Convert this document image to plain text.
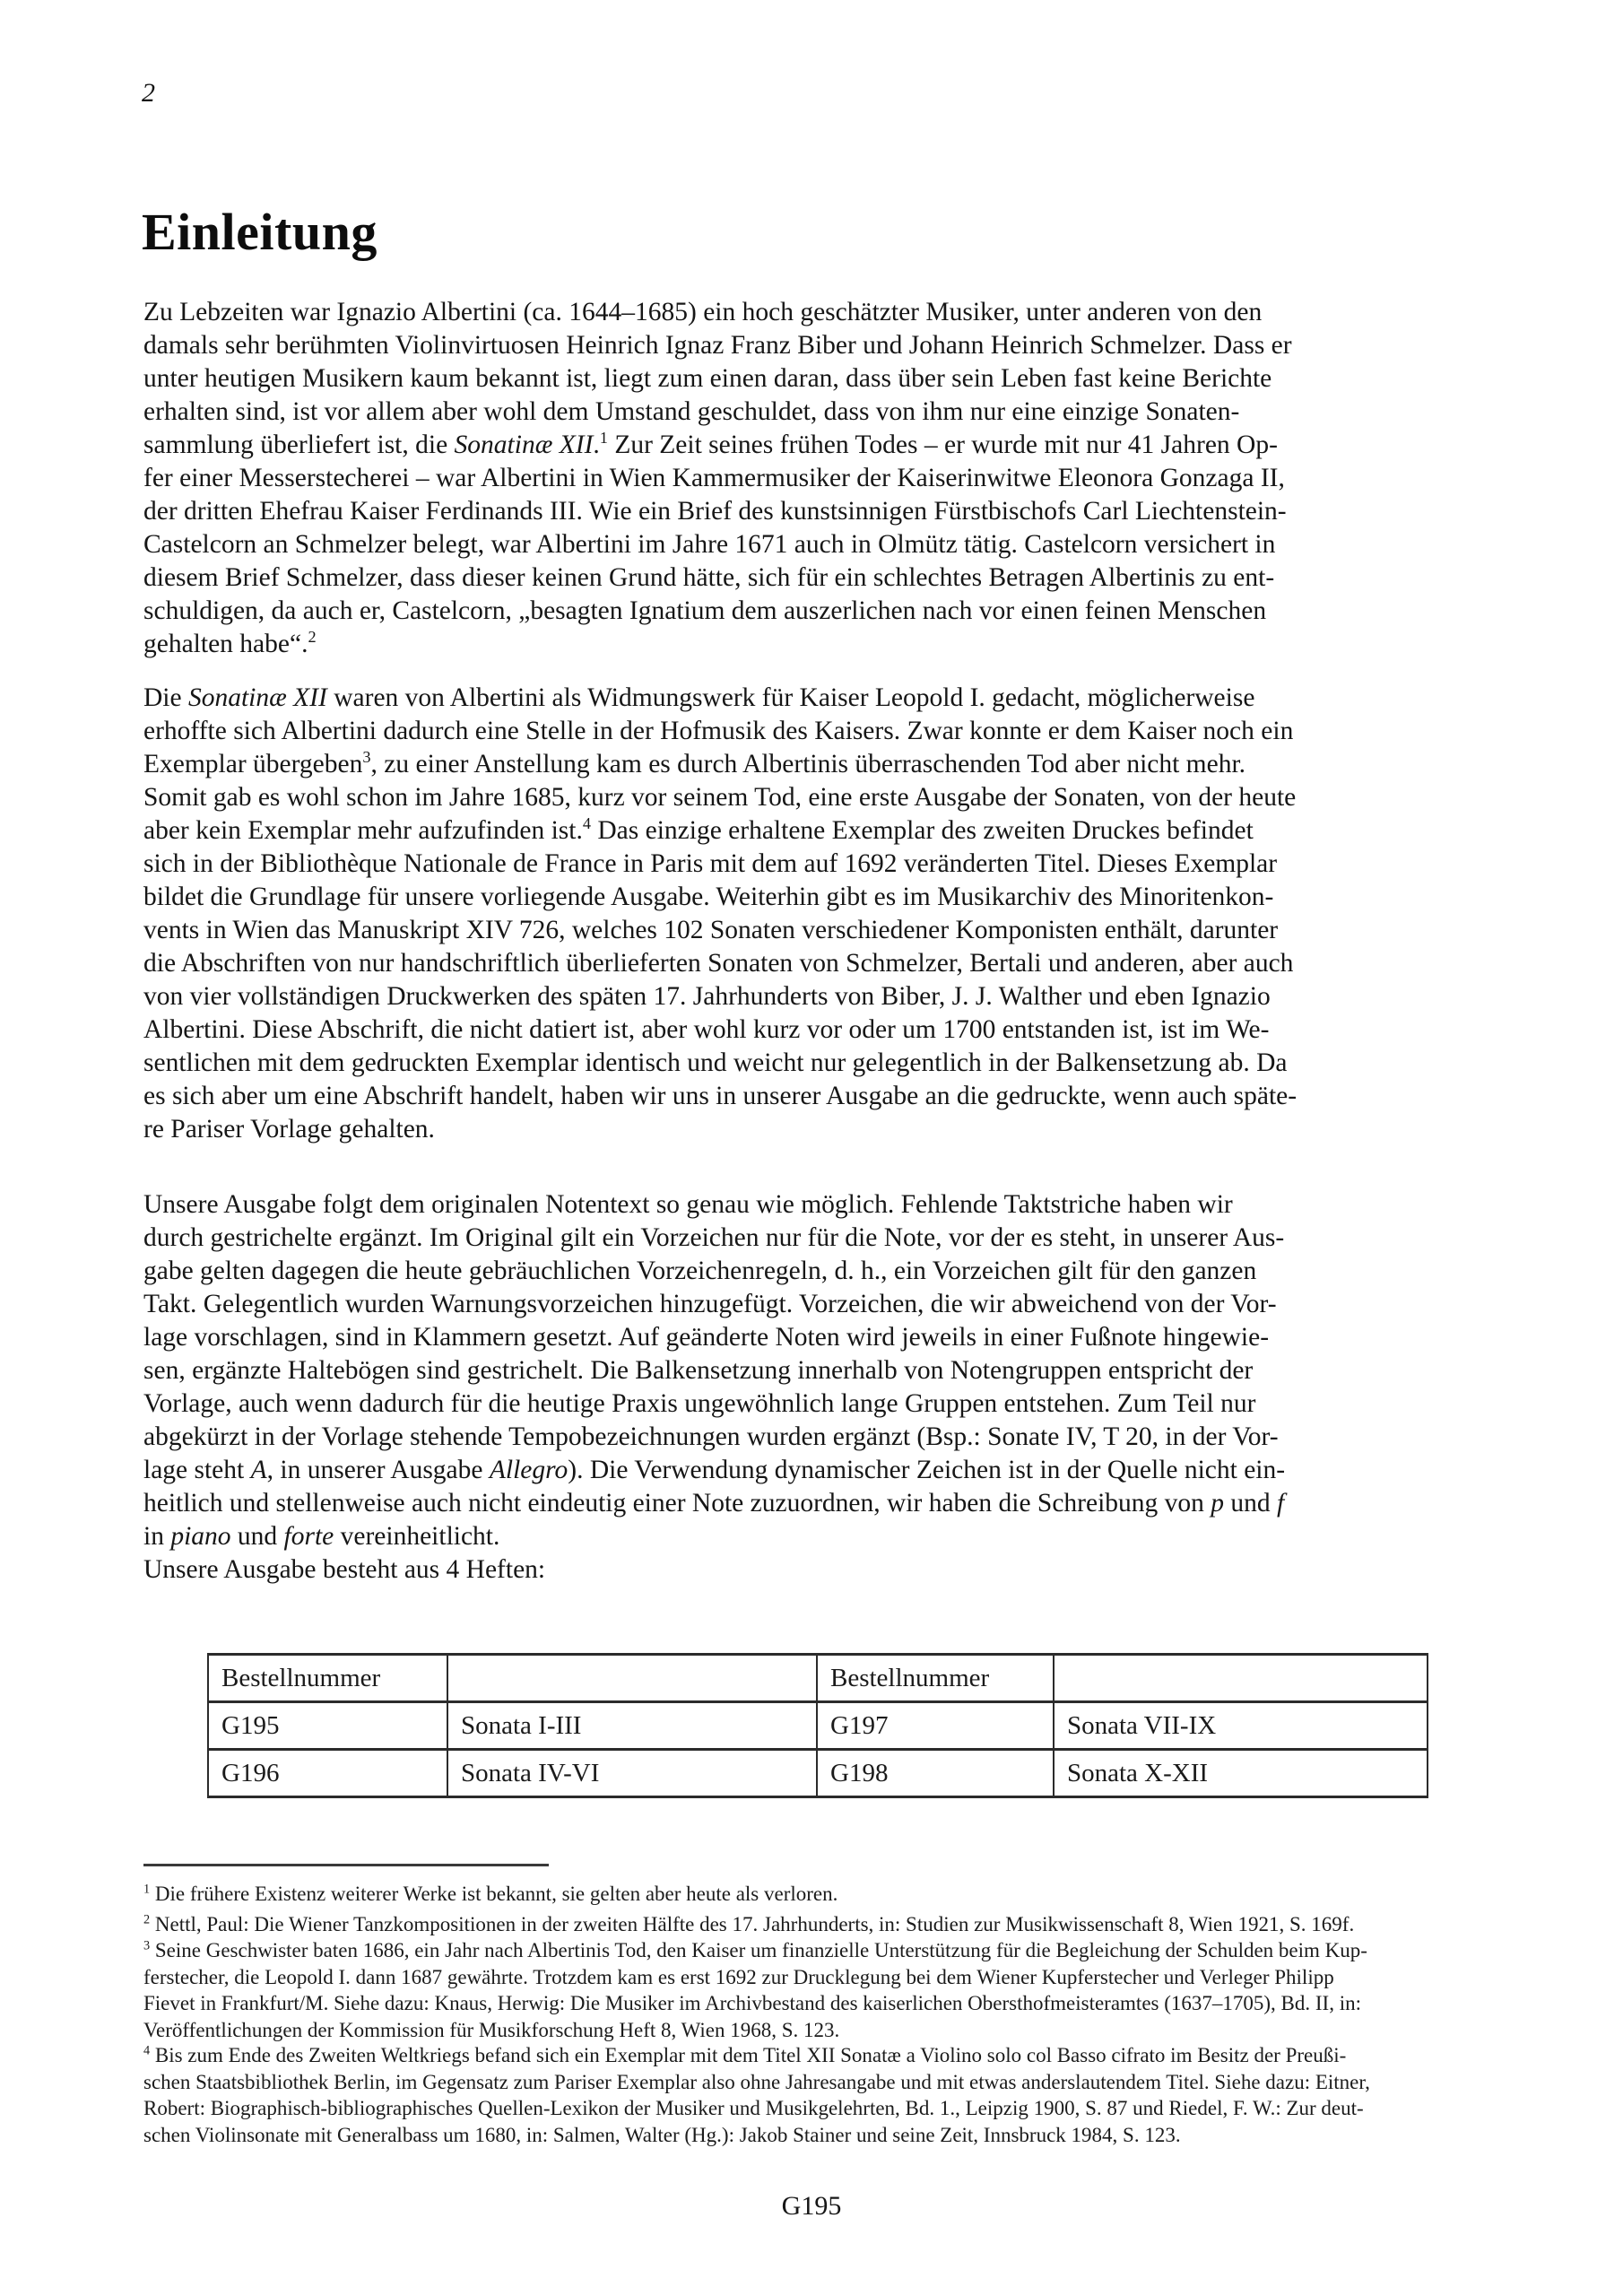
2
Einleitung
Zu Lebzeiten war Ignazio Albertini (ca. 1644–1685) ein hoch geschätzter Musiker, unter anderen von den
damals sehr berühmten Violinvirtuosen Heinrich Ignaz Franz Biber und Johann Heinrich Schmelzer. Dass er
unter heutigen Musikern kaum bekannt ist, liegt zum einen daran, dass über sein Leben fast keine Berichte
erhalten sind, ist vor allem aber wohl dem Umstand geschuldet, dass von ihm nur eine einzige Sonaten-
sammlung überliefert ist, die Sonatinæ XII.$^1$ Zur Zeit seines frühen Todes – er wurde mit nur 41 Jahren Op-
fer einer Messerstecherei – war Albertini in Wien Kammermusiker der Kaiserinwitwe Eleonora Gonzaga II,
der dritten Ehefrau Kaiser Ferdinands III. Wie ein Brief des kunstsinnigen Fürstbischofs Carl Liechtenstein-
Castelcorn an Schmelzer belegt, war Albertini im Jahre 1671 auch in Olmütz tätig. Castelcorn versichert in
diesem Brief Schmelzer, dass dieser keinen Grund hätte, sich für ein schlechtes Betragen Albertinis zu ent-
schuldigen, da auch er, Castelcorn, „besagten Ignatium dem auszerlichen nach vor einen feinen Menschen
gehalten habe“.$^2$
Die Sonatinæ XII waren von Albertini als Widmungswerk für Kaiser Leopold I. gedacht, möglicherweise
erhoffte sich Albertini dadurch eine Stelle in der Hofmusik des Kaisers. Zwar konnte er dem Kaiser noch ein
Exemplar übergeben$^3$, zu einer Anstellung kam es durch Albertinis überraschenden Tod aber nicht mehr.
Somit gab es wohl schon im Jahre 1685, kurz vor seinem Tod, eine erste Ausgabe der Sonaten, von der heute
aber kein Exemplar mehr aufzufinden ist.$^4$ Das einzige erhaltene Exemplar des zweiten Druckes befindet
sich in der Bibliothèque Nationale de France in Paris mit dem auf 1692 veränderten Titel. Dieses Exemplar
bildet die Grundlage für unsere vorliegende Ausgabe. Weiterhin gibt es im Musikarchiv des Minoritenkon-
vents in Wien das Manuskript XIV 726, welches 102 Sonaten verschiedener Komponisten enthält, darunter
die Abschriften von nur handschriftlich überlieferten Sonaten von Schmelzer, Bertali und anderen, aber auch
von vier vollständigen Druckwerken des späten 17. Jahrhunderts von Biber, J. J. Walther und eben Ignazio
Albertini. Diese Abschrift, die nicht datiert ist, aber wohl kurz vor oder um 1700 entstanden ist, ist im We-
sentlichen mit dem gedruckten Exemplar identisch und weicht nur gelegentlich in der Balkensetzung ab. Da
es sich aber um eine Abschrift handelt, haben wir uns in unserer Ausgabe an die gedruckte, wenn auch späte-
re Pariser Vorlage gehalten.
Unsere Ausgabe folgt dem originalen Notentext so genau wie möglich. Fehlende Taktstriche haben wir
durch gestrichelte ergänzt. Im Original gilt ein Vorzeichen nur für die Note, vor der es steht, in unserer Aus-
gabe gelten dagegen die heute gebräuchlichen Vorzeichenregeln, d. h., ein Vorzeichen gilt für den ganzen
Takt. Gelegentlich wurden Warnungsvorzeichen hinzugefügt. Vorzeichen, die wir abweichend von der Vor-
lage vorschlagen, sind in Klammern gesetzt. Auf geänderte Noten wird jeweils in einer Fußnote hingewie-
sen, ergänzte Haltebögen sind gestrichelt. Die Balkensetzung innerhalb von Notengruppen entspricht der
Vorlage, auch wenn dadurch für die heutige Praxis ungewöhnlich lange Gruppen entstehen. Zum Teil nur
abgekürzt in der Vorlage stehende Tempobezeichnungen wurden ergänzt (Bsp.: Sonate IV, T 20, in der Vor-
lage steht A, in unserer Ausgabe Allegro). Die Verwendung dynamischer Zeichen ist in der Quelle nicht ein-
heitlich und stellenweise auch nicht eindeutig einer Note zuzuordnen, wir haben die Schreibung von p und f
in piano und forte vereinheitlicht.
Unsere Ausgabe besteht aus 4 Heften:
Bestellnummer		Bestellnummer	
G195	Sonata I-III	G197	Sonata VII-IX
G196	Sonata IV-VI	G198	Sonata X-XII
$^1$ Die frühere Existenz weiterer Werke ist bekannt, sie gelten aber heute als verloren.
$^2$ Nettl, Paul: Die Wiener Tanzkompositionen in der zweiten Hälfte des 17. Jahrhunderts, in: Studien zur Musikwissenschaft 8, Wien 1921, S. 169f.
$^3$ Seine Geschwister baten 1686, ein Jahr nach Albertinis Tod, den Kaiser um finanzielle Unterstützung für die Begleichung der Schulden beim Kup-
ferstecher, die Leopold I. dann 1687 gewährte. Trotzdem kam es erst 1692 zur Drucklegung bei dem Wiener Kupferstecher und Verleger Philipp
Fievet in Frankfurt/M. Siehe dazu: Knaus, Herwig: Die Musiker im Archivbestand des kaiserlichen Obersthofmeisteramtes (1637–1705), Bd. II, in:
Veröffentlichungen der Kommission für Musikforschung Heft 8, Wien 1968, S. 123.
$^4$ Bis zum Ende des Zweiten Weltkriegs befand sich ein Exemplar mit dem Titel XII Sonatæ a Violino solo col Basso cifrato im Besitz der Preußi-
schen Staatsbibliothek Berlin, im Gegensatz zum Pariser Exemplar also ohne Jahresangabe und mit etwas anderslautendem Titel. Siehe dazu: Eitner,
Robert: Biographisch-bibliographisches Quellen-Lexikon der Musiker und Musikgelehrten, Bd. 1., Leipzig 1900, S. 87 und Riedel, F. W.: Zur deut-
schen Violinsonate mit Generalbass um 1680, in: Salmen, Walter (Hg.): Jakob Stainer und seine Zeit, Innsbruck 1984, S. 123.
G195
